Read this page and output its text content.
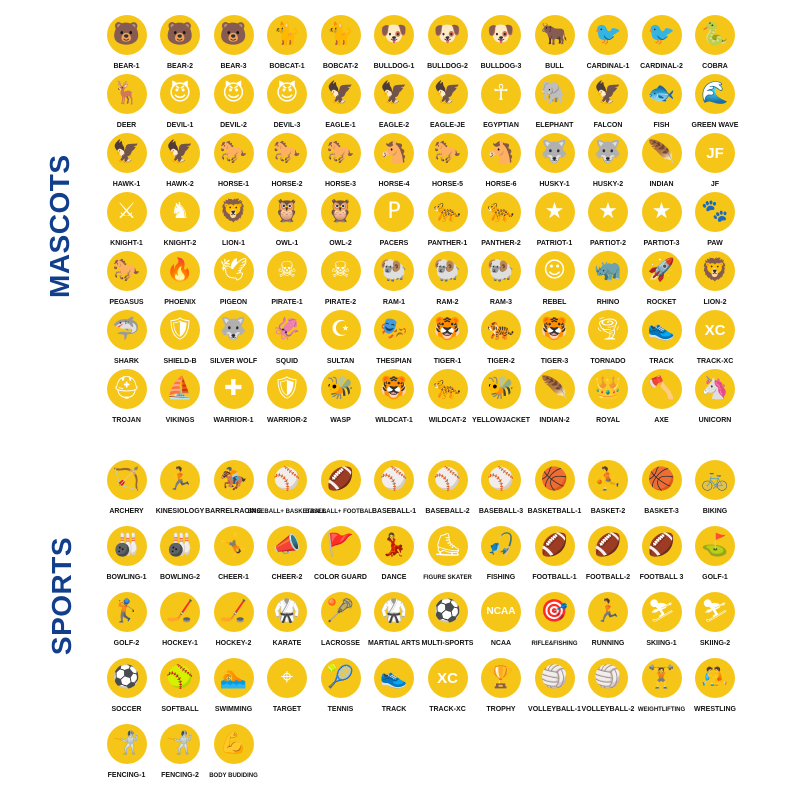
MASCOTS
SPORTS
🐻
BEAR-1
🐻
BEAR-2
🐻
BEAR-3
🐈
BOBCAT-1
🐈
BOBCAT-2
🐶
BULLDOG-1
🐶
BULLDOG-2
🐶
BULLDOG-3
🐂
BULL
🐦
CARDINAL-1
🐦
CARDINAL-2
🐍
COBRA
🦌
DEER
😈
DEVIL-1
😈
DEVIL-2
😈
DEVIL-3
🦅
EAGLE-1
🦅
EAGLE-2
🦅
EAGLE-JE
☥
EGYPTIAN
🐘
ELEPHANT
🦅
FALCON
🐟
FISH
🌊
GREEN WAVE
🦅
HAWK-1
🦅
HAWK-2
🐎
HORSE-1
🐎
HORSE-2
🐎
HORSE-3
🐴
HORSE-4
🐎
HORSE-5
🐴
HORSE-6
🐺
HUSKY-1
🐺
HUSKY-2
🪶
INDIAN
JF
JF
⚔
KNIGHT-1
♞
KNIGHT-2
🦁
LION-1
🦉
OWL-1
🦉
OWL-2
P
PACERS
🐆
PANTHER-1
🐆
PANTHER-2
★
PATRIOT-1
★
PARTIOT-2
★
PARTIOT-3
🐾
PAW
🐎
PEGASUS
🔥
PHOENIX
🕊
PIGEON
☠
PIRATE-1
☠
PIRATE-2
🐏
RAM-1
🐏
RAM-2
🐏
RAM-3
☺
REBEL
🦏
RHINO
🚀
ROCKET
🦁
LION-2
🦈
SHARK
🛡
SHIELD-B
🐺
SILVER WOLF
🦑
SQUID
☪
SULTAN
🎭
THESPIAN
🐯
TIGER-1
🐅
TIGER-2
🐯
TIGER-3
🌪
TORNADO
👟
TRACK
XC
TRACK-XC
⛑
TROJAN
⛵
VIKINGS
✚
WARRIOR-1
🛡
WARRIOR-2
🐝
WASP
🐯
WILDCAT-1
🐆
WILDCAT-2
🐝
YELLOWJACKET
🪶
INDIAN-2
👑
ROYAL
🪓
AXE
🦄
UNICORN
🏹
ARCHERY
🏃
KINESIOLOGY
🏇
BARRELRACING
⚾
BASEBALL+ BASKETBALL
🏈
BASEBALL+ FOOTBALL
⚾
BASEBALL-1
⚾
BASEBALL-2
⚾
BASEBALL-3
🏀
BASKETBALL-1
⛹
BASKET-2
🏀
BASKET-3
🚲
BIKING
🎳
BOWLING-1
🎳
BOWLING-2
🤸
CHEER-1
📣
CHEER-2
🚩
COLOR GUARD
💃
DANCE
⛸
FIGURE SKATER
🎣
FISHING
🏈
FOOTBALL-1
🏈
FOOTBALL-2
🏈
FOOTBALL 3
⛳
GOLF-1
🏌
GOLF-2
🏒
HOCKEY-1
🏒
HOCKEY-2
🥋
KARATE
🥍
LACROSSE
🥋
MARTIAL ARTS
⚽
MULTI-SPORTS
NCAA
NCAA
🎯
RIFLE&FISHING
🏃
RUNNING
⛷
SKIING-1
⛷
SKIING-2
⚽
SOCCER
🥎
SOFTBALL
🏊
SWIMMING
⌖
TARGET
🎾
TENNIS
👟
TRACK
XC
TRACK-XC
🏆
TROPHY
🏐
VOLLEYBALL-1
🏐
VOLLEYBALL-2
🏋
WEIGHTLIFTING
🤼
WRESTLING
🤺
FENCING-1
🤺
FENCING-2
💪
BODY BUDIDING
